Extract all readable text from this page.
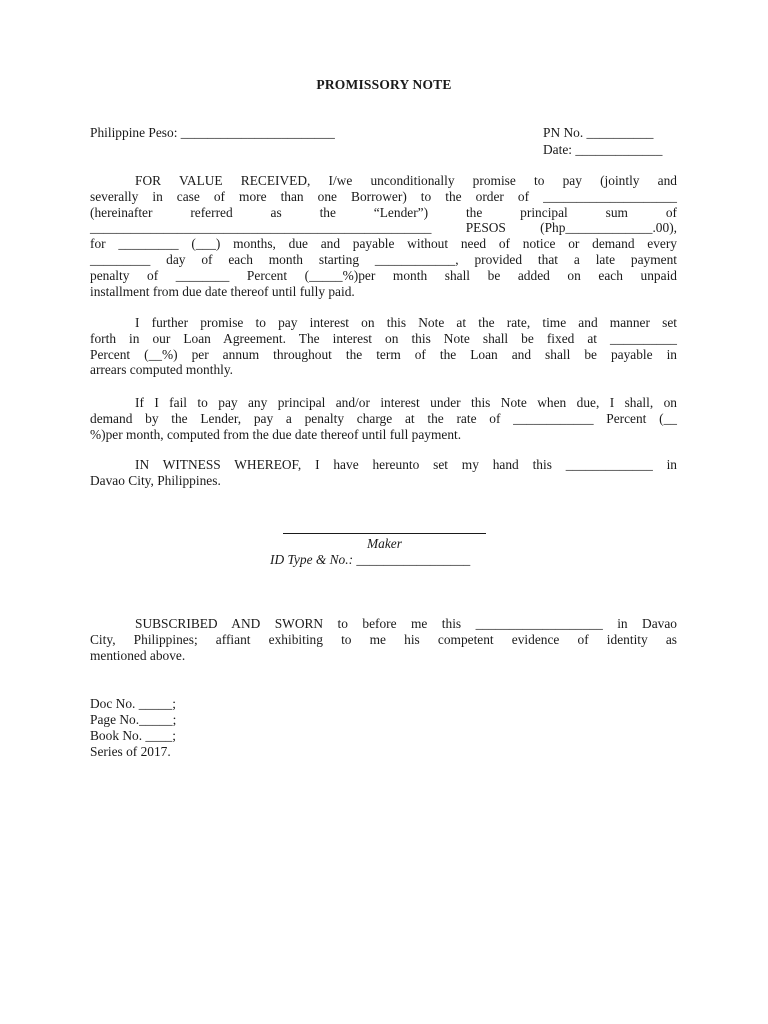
PROMISSORY NOTE
Philippine Peso: _______________________	PN No. __________
Date: _____________
FOR VALUE RECEIVED, I/we unconditionally promise to pay (jointly and
severally in case of more than one Borrower) to the order of ____________________
(hereinafter referred as the “Lender”) the principal sum of
___________________________________________________ PESOS (Php_____________.00),
for _________ (___) months, due and payable without need of notice or demand every
_________ day of each month starting ____________, provided that a late payment
penalty of ________ Percent (_____%)per month shall be added on each unpaid
installment from due date thereof until fully paid.
I further promise to pay interest on this Note at the rate, time and manner set
forth in our Loan Agreement. The interest on this Note shall be fixed at __________
Percent (__%) per annum throughout the term of the Loan and shall be payable in
arrears computed monthly.
If I fail to pay any principal and/or interest under this Note when due, I shall, on
demand by the Lender, pay a penalty charge at the rate of ____________ Percent (__
%)per month, computed from the due date thereof until full payment.
IN WITNESS WHEREOF, I have hereunto set my hand this _____________ in
Davao City, Philippines.
Maker
ID Type & No.: _________________
SUBSCRIBED AND SWORN to before me this ___________________ in Davao
City, Philippines; affiant exhibiting to me his competent evidence of identity as
mentioned above.
Doc No. _____;
Page No._____;
Book No. ____;
Series of 2017.
